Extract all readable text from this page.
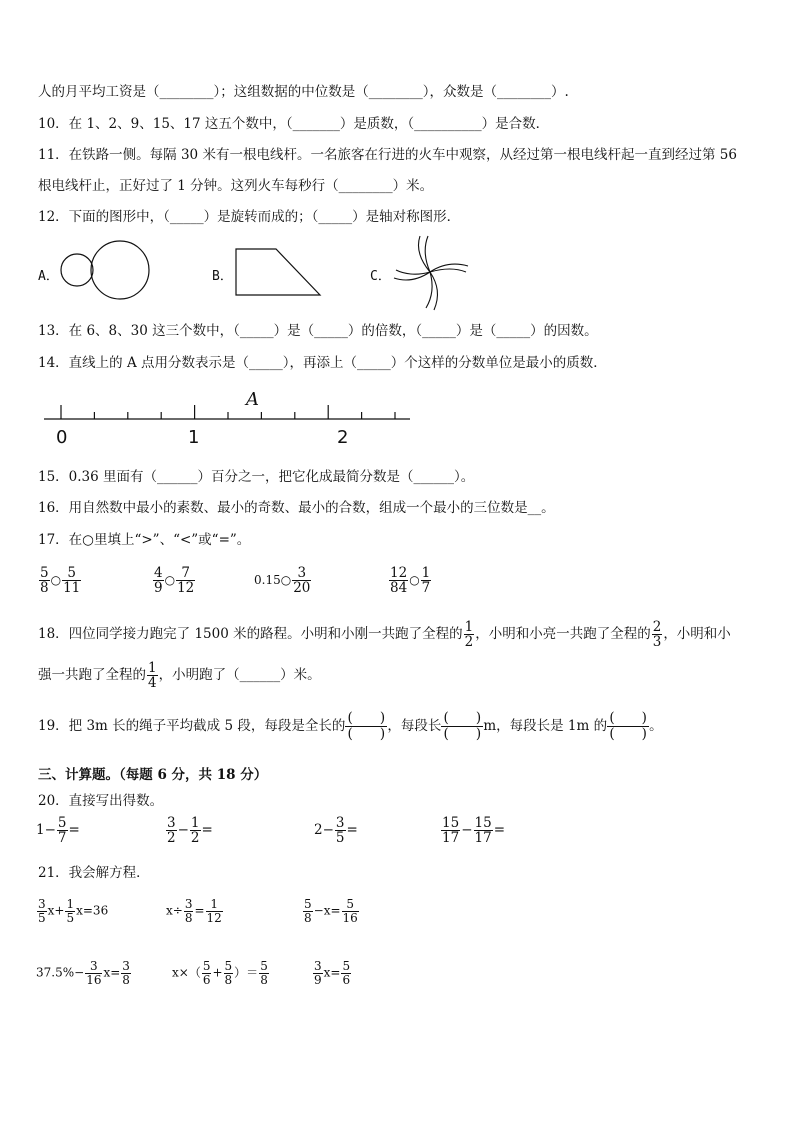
人的月平均工资是（________）；这组数据的中位数是（________），众数是（________）.
10．在 1、2、9、15、17 这五个数中，（_______）是质数，（__________）是合数．
11．在铁路一侧。每隔 30 米有一根电线杆。一名旅客在行进的火车中观察，从经过第一根电线杆起一直到经过第 56
根电线杆止，正好过了 1 分钟。这列火车每秒行（________）米。
12．下面的图形中，（_____）是旋转而成的；（_____）是轴对称图形．
A．	B．	C．
13．在 6、8、30 这三个数中，（_____）是（_____）的倍数，（_____）是（_____）的因数。
14．直线上的 A 点用分数表示是（_____），再添上（_____）个这样的分数单位是最小的质数．
A
0	1	2
15．0.36 里面有（______）百分之一，把它化成最简分数是（______）。
16．用自然数中最小的素数、最小的奇数、最小的合数，组成一个最小的三位数是__。
17．在○里填上“>”、“<”或“=”。
$\frac{5}{8}$ ○ $\frac{5}{11}$	$\frac{4}{9}$ ○ $\frac{7}{12}$	0.15○ $\frac{3}{20}$	$\frac{12}{84}$ ○ $\frac{1}{7}$
18．四位同学接力跑完了 1500 米的路程。小明和小刚一共跑了全程的 $\frac{1}{2}$ ，小明和小亮一共跑了全程的 $\frac{2}{3}$ ，小明和小
强一共跑了全程的 $\frac{1}{4}$ ，小明跑了（______）米。
19．把 3m 长的绳子平均截成 5 段，每段是全长的 (　　)
(　　) ，每段长 (　　)
(　　) m，每段长是 1m 的 (　　)
(　　) 。
三、计算题。（每题 6 分，共 18 分）
20．直接写出得数。
$1- \frac{5}{7}$ =	$\frac{3}{2} - \frac{1}{2}$ =	$2- \frac{3}{5}$ =	$\frac{15}{17} - \frac{15}{17}$ =
21．我会解方程．
$\frac{3}{5} x+ \frac{1}{5} x=36$	$x\div \frac{3}{8} = \frac{1}{12}$	$\frac{5}{8} -x= \frac{5}{16}$
$37.5\%- \frac{3}{16} x= \frac{3}{8}$	$x\times( \frac{5}{6} + \frac{5}{8}$ ）＝ $\frac{5}{8}$	$\frac{3}{9} x= \frac{5}{6}$
